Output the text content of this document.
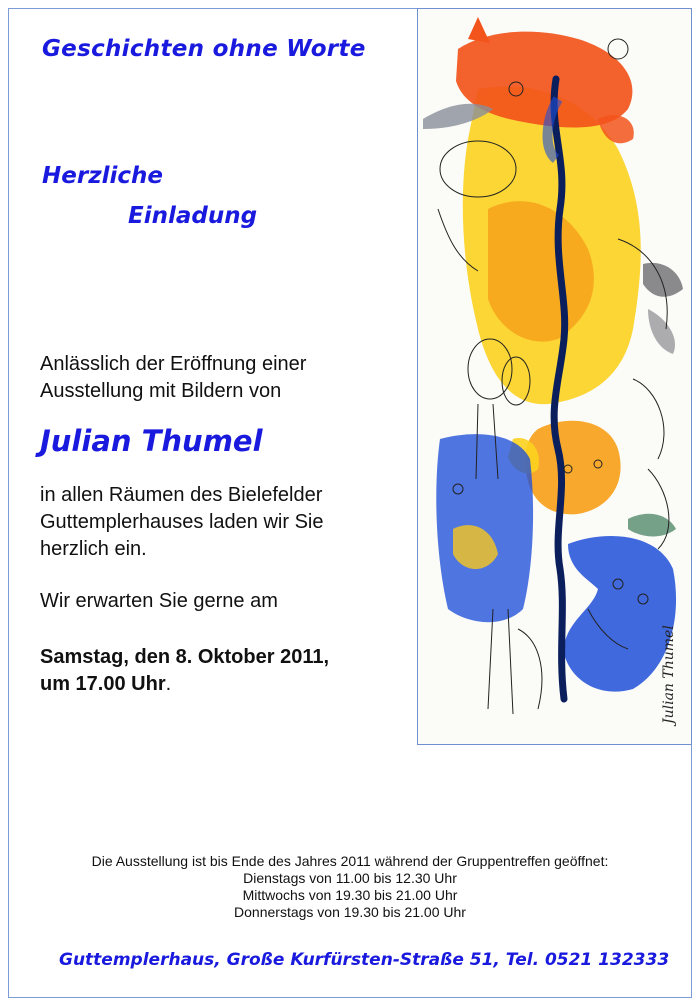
Geschichten ohne Worte

Herzliche

Einladung

Anlässlich der Eröffnung einer
Ausstellung mit Bildern von

Julian Thumel

in allen Räumen des Bielefelder
Guttemplerhauses laden wir Sie
herzlich ein.
Wir erwarten Sie gerne am
Samstag, den 8. Oktober 2011,
um 17.00 Uhr.	Julian Thumel
Die Ausstellung ist bis Ende des Jahres 2011 während der Gruppentreffen geöffnet:
Dienstags von 11.00 bis 12.30 Uhr
Mittwochs von 19.30 bis 21.00 Uhr
Donnerstags von 19.30 bis 21.00 Uhr

Guttemplerhaus, Große Kurfürsten-Straße 51, Tel. 0521 132333
